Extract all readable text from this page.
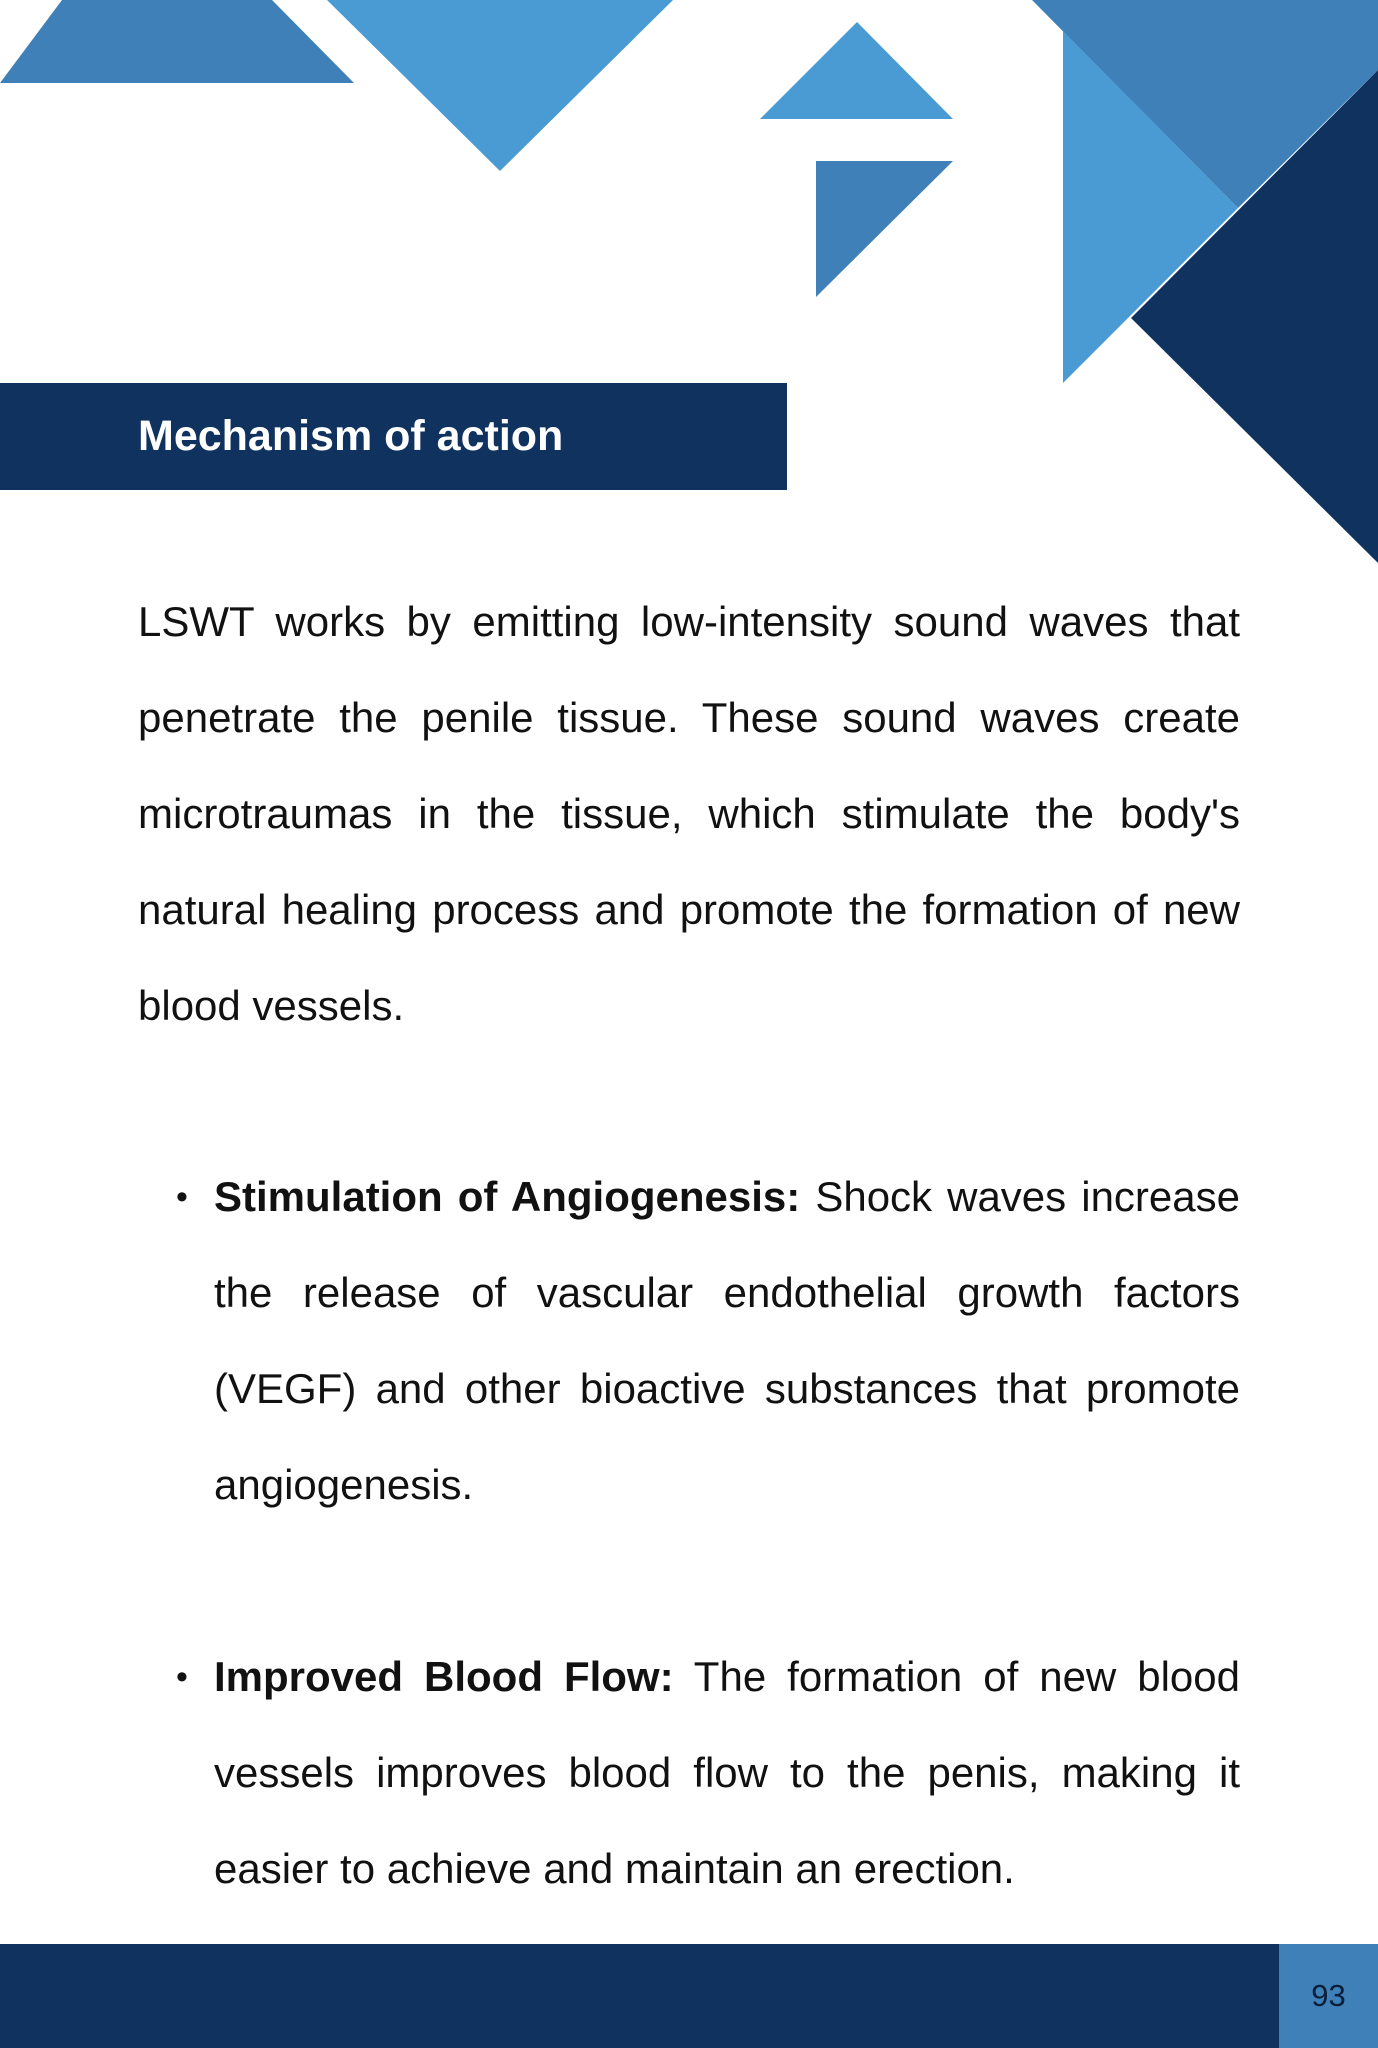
Mechanism of action

LSWT works by emitting low-intensity sound waves that penetrate the penile tissue. These sound waves create microtraumas in the tissue, which stimulate the body's natural healing process and promote the formation of new blood vessels.

• Stimulation of Angiogenesis: Shock waves increase the release of vascular endothelial growth factors (VEGF) and other bioactive substances that promote angiogenesis.
• Improved Blood Flow: The formation of new blood vessels improves blood flow to the penis, making it easier to achieve and maintain an erection.
93
